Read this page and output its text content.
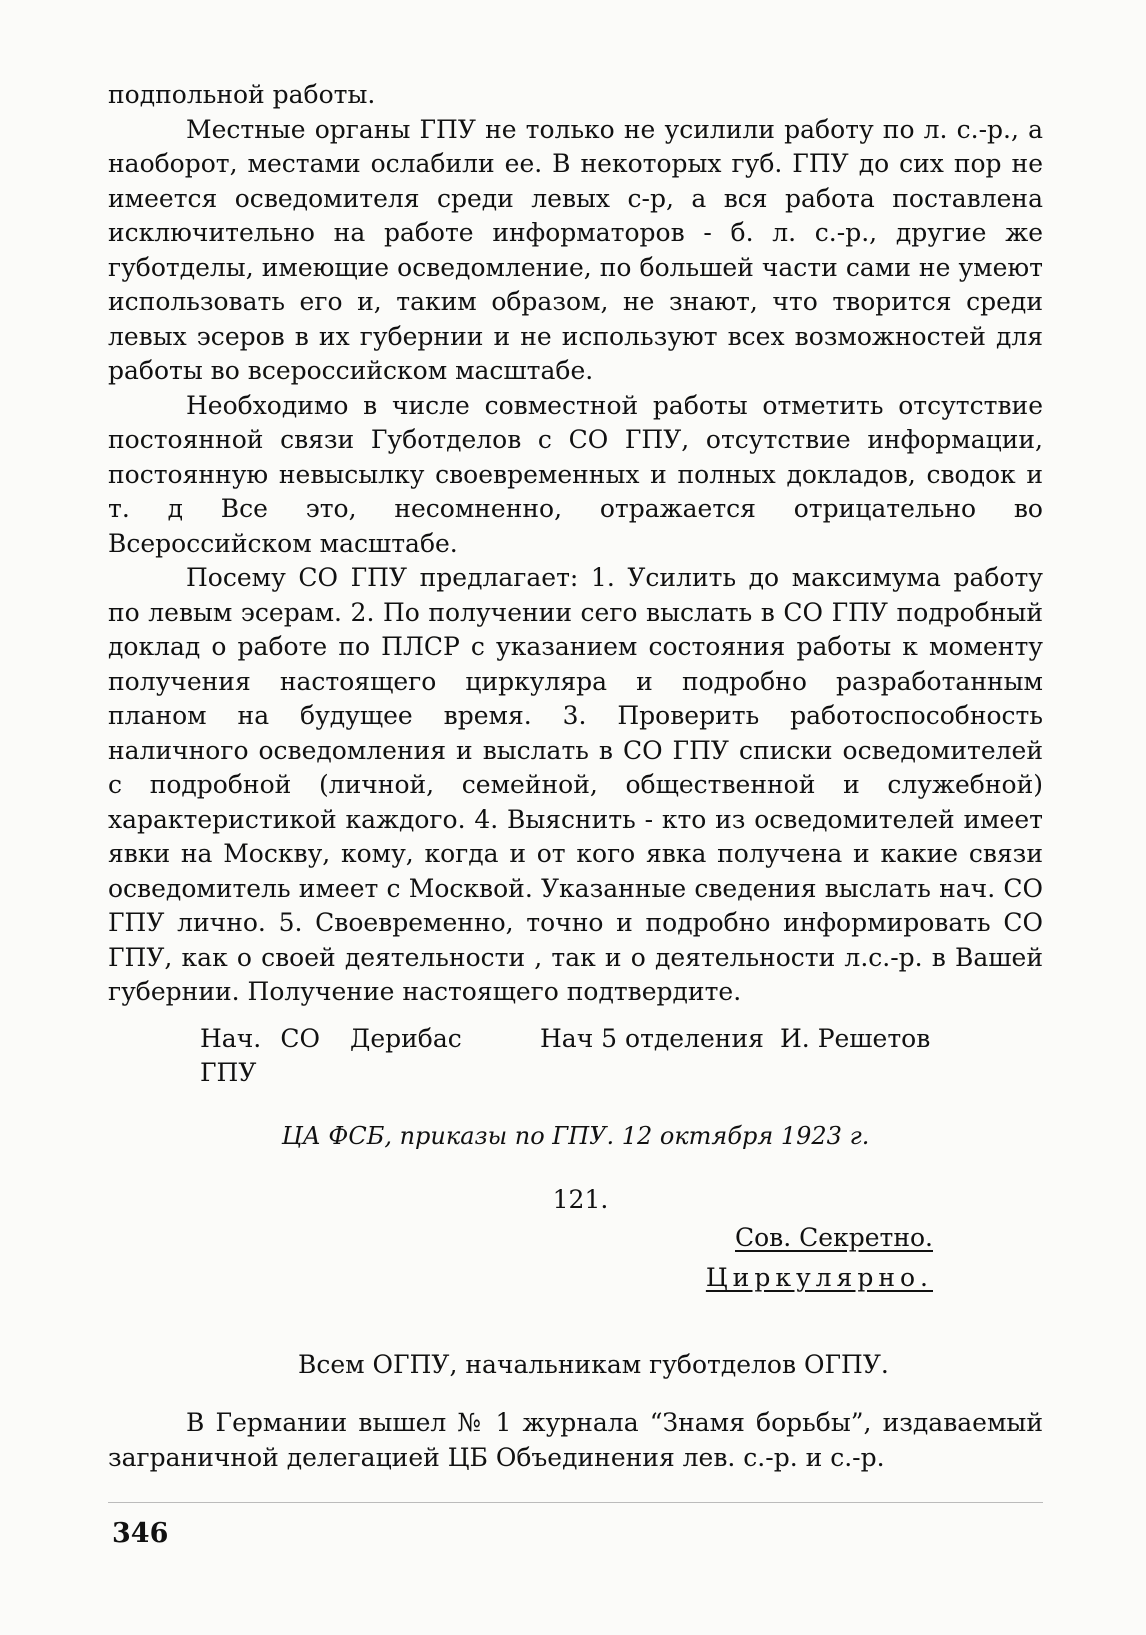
подпольной работы.

Местные органы ГПУ не только не усилили работу по л. с.-р., а наоборот, местами ослабили ее. В некоторых губ. ГПУ до сих пор не имеется осведомителя среди левых с-р, а вся работа поставлена исключительно на работе информаторов - б. л. с.-р., другие же губотделы, имеющие осведомление, по большей части сами не умеют использовать его и, таким образом, не знают, что творится среди левых эсеров в их губернии и не используют всех возможностей для работы во всероссийском масштабе.

Необходимо в числе совместной работы отметить отсутствие постоянной связи Губотделов с СО ГПУ, отсутствие информации, постоянную невысылку своевременных и полных докладов, сводок и т. д Все это, несомненно, отражается отрицательно во Всероссийском масштабе.

Посему СО ГПУ предлагает: 1. Усилить до максимума работу по левым эсерам. 2. По получении сего выслать в СО ГПУ подробный доклад о работе по ПЛСР с указанием состояния работы к моменту получения настоящего циркуляра и подробно разработанным планом на будущее время. 3. Проверить работоспособность наличного осведомления и выслать в СО ГПУ списки осведомителей с подробной (личной, семейной, общественной и служебной) характеристикой каждого. 4. Выяснить - кто из осведомителей имеет явки на Москву, кому, когда и от кого явка получена и какие связи осведомитель имеет с Москвой. Указанные сведения выслать нач. СО ГПУ лично. 5. Своевременно, точно и подробно информировать СО ГПУ, как о своей деятельности , так и о деятельности л.с.-р. в Вашей губернии. Получение настоящего подтвердите.

Нач. СО ГПУ
Дерибас	Нач 5 отделения И. Решетов
ЦА ФСБ, приказы по ГПУ. 12 октября 1923 г.
121.
Сов. Секретно.
Циркулярно.
Всем ОГПУ, начальникам губотделов ОГПУ.

В Германии вышел № 1 журнала “Знамя борьбы”, издаваемый заграничной делегацией ЦБ Объединения лев. с.-р. и с.-р.

346
